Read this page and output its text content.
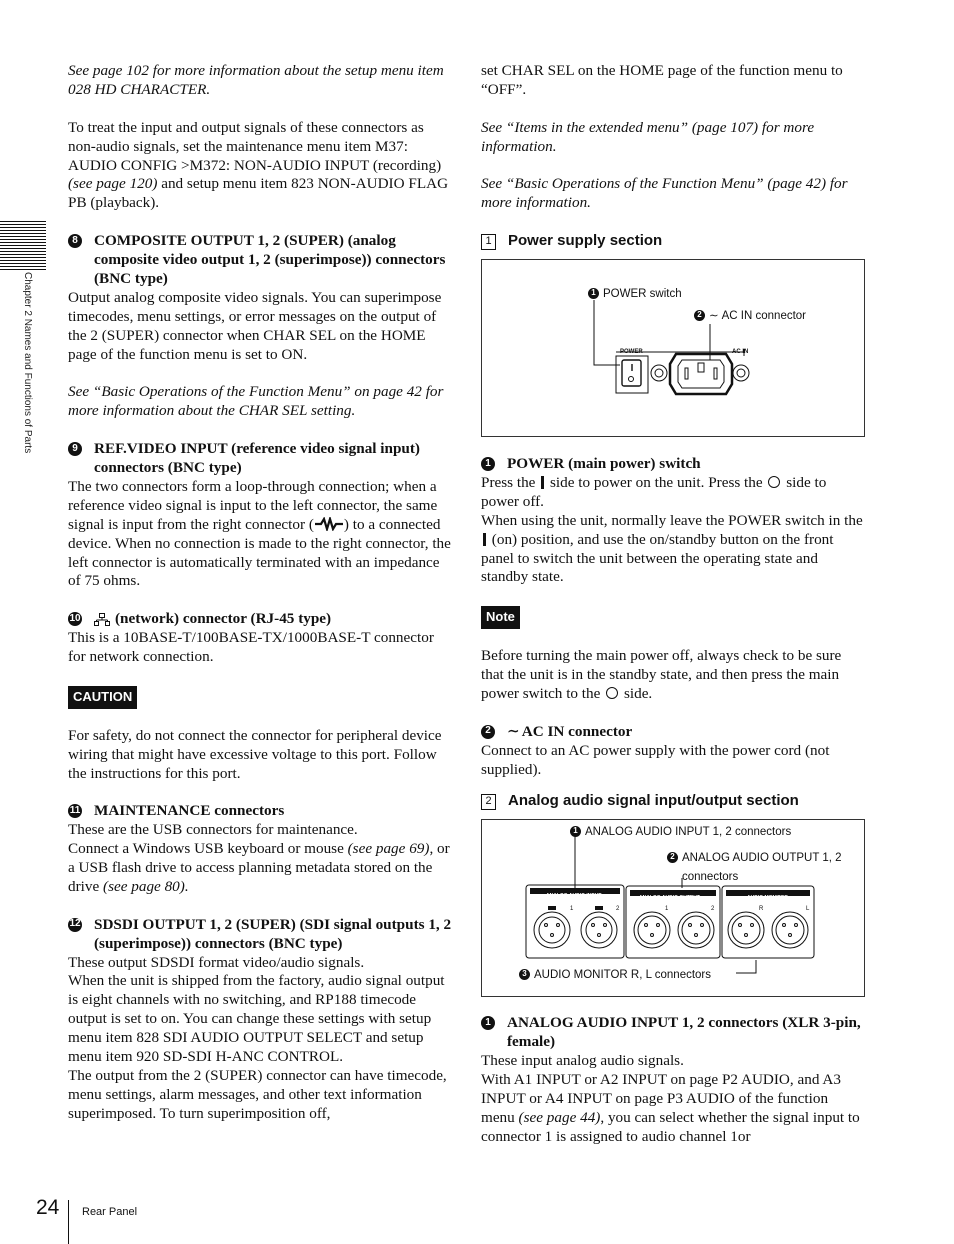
Chapter 2 Names and Functions of Parts
24 Rear Panel

See page 102 for more information about the setup menu item 028 HD CHARACTER.

To treat the input and output signals of these connectors as non-audio signals, set the maintenance menu item M37: AUDIO CONFIG >M372: NON-AUDIO INPUT (recording) (see page 120) and setup menu item 823 NON-AUDIO FLAG PB (playback).

8 COMPOSITE OUTPUT 1, 2 (SUPER) (analog composite video output 1, 2 (superimpose)) connectors (BNC type)

Output analog composite video signals. You can superimpose timecodes, menu settings, or error messages on the output of the 2 (SUPER) connector when CHAR SEL on the HOME page of the function menu is set to ON.

See “Basic Operations of the Function Menu” on page 42 for more information about the CHAR SEL setting.

9 REF.VIDEO INPUT (reference video signal input) connectors (BNC type)

The two connectors form a loop-through connection; when a reference video signal is input to the left connector, the same signal is input from the right connector ( ) to a connected device. When no connection is made to the right connector, the left connector is automatically terminated with an impedance of 75 ohms.

10 (network) connector (RJ-45 type)

This is a 10BASE-T/100BASE-TX/1000BASE-T connector for network connection.

CAUTION

For safety, do not connect the connector for peripheral device wiring that might have excessive voltage to this port. Follow the instructions for this port.

11 MAINTENANCE connectors
These are the USB connectors for maintenance.

Connect a Windows USB keyboard or mouse (see page 69), or a USB flash drive to access planning metadata stored on the drive (see page 80).

12 SDSDI OUTPUT 1, 2 (SUPER) (SDI signal outputs 1, 2 (superimpose)) connectors (BNC type)
These output SDSDI format video/audio signals.
When the unit is shipped from the factory, audio signal output is eight channels with no switching, and RP188 timecode output is set to on. You can change these settings with setup menu item 828 SDI AUDIO OUTPUT SELECT and setup menu item 920 SD-SDI H-ANC CONTROL.
The output from the 2 (SUPER) connector can have timecode, menu settings, alarm messages, and other text information superimposed. To turn superimposition off,

set CHAR SEL on the HOME page of the function menu to “OFF”.

See “Items in the extended menu” (page 107) for more information.

See “Basic Operations of the Function Menu” (page 42) for more information.

1 Power supply section
1 POWER switch
2 ∼ AC IN connector
POWER	AC IN
1 POWER (main power) switch
Press the  side to power on the unit. Press the  side to power off.

When using the unit, normally leave the POWER switch in the  (on) position, and use the on/standby button on the front panel to switch the unit between the operating state and standby state.

Note

Before turning the main power off, always check to be sure that the unit is in the standby state, and then press the main power switch to the  side.

2 ∼ AC IN connector

Connect to an AC power supply with the power cord (not supplied).

2 Analog audio signal input/output section
1 ANALOG AUDIO INPUT 1, 2 connectors
2 ANALOG AUDIO OUTPUT 1, 2
connectors
3 AUDIO MONITOR R, L connectors
ANALOG AUDIO INPUT	ANALOG AUDIO OUTPUT	AUDIO MONITOR
1	2	1	2	R	L
1 ANALOG AUDIO INPUT 1, 2 connectors (XLR 3-pin, female)
These input analog audio signals.
With A1 INPUT or A2 INPUT on page P2 AUDIO, and A3 INPUT or A4 INPUT on page P3 AUDIO of the function menu (see page 44), you can select whether the signal input to connector 1 is assigned to audio channel 1or
